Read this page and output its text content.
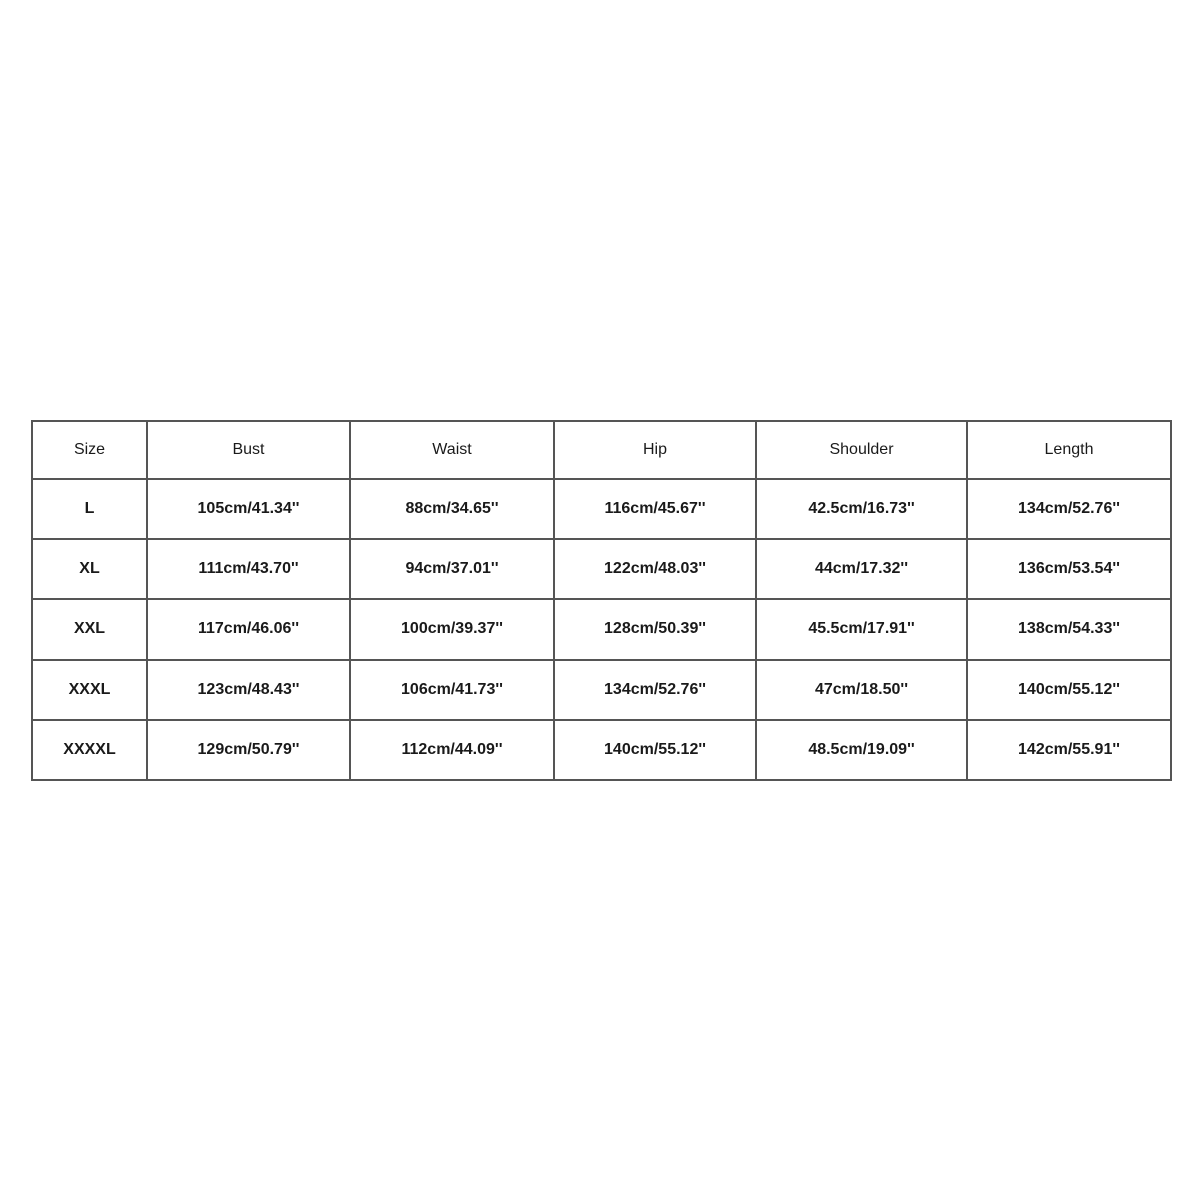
Size	Bust	Waist	Hip	Shoulder	Length
L	105cm/41.34''	88cm/34.65''	116cm/45.67''	42.5cm/16.73''	134cm/52.76''
XL	111cm/43.70''	94cm/37.01''	122cm/48.03''	44cm/17.32''	136cm/53.54''
XXL	117cm/46.06''	100cm/39.37''	128cm/50.39''	45.5cm/17.91''	138cm/54.33''
XXXL	123cm/48.43''	106cm/41.73''	134cm/52.76''	47cm/18.50''	140cm/55.12''
XXXXL	129cm/50.79''	112cm/44.09''	140cm/55.12''	48.5cm/19.09''	142cm/55.91''
